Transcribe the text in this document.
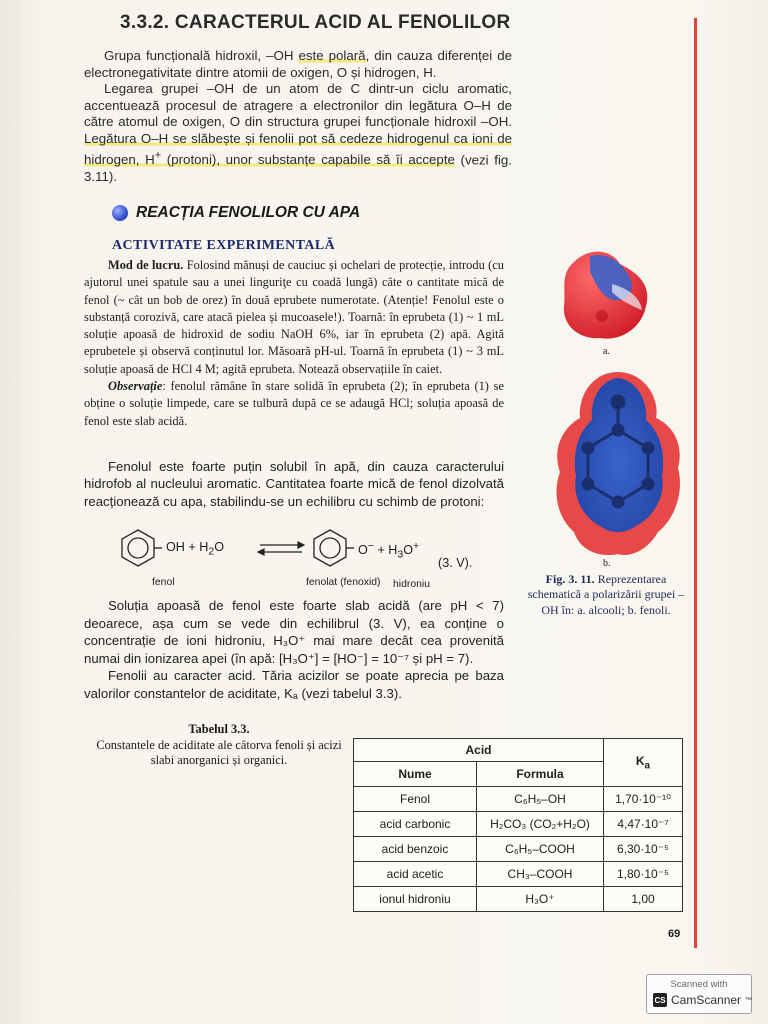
3.3.2. CARACTERUL ACID AL FENOLILOR

Grupa funcțională hidroxil, –OH este polară, din cauza diferenței de electronegativitate dintre atomii de oxigen, O și hidrogen, H.

Legarea grupei –OH de un atom de C dintr-un ciclu aromatic, accentuează procesul de atragere a electronilor din legătura O–H de către atomul de oxigen, O din structura grupei funcționale hidroxil –OH. Legătura O–H se slăbește și fenolii pot să cedeze hidrogenul ca ioni de hidrogen, H+ (protoni), unor substanțe capabile să îi accepte (vezi fig. 3.11).

REACȚIA FENOLILOR CU APA
ACTIVITATE EXPERIMENTALĂ

Mod de lucru. Folosind mănuși de cauciuc și ochelari de protecție, introdu (cu ajutorul unei spatule sau a unei linguriţe cu coadă lungă) câte o cantitate mică de fenol (~ cât un bob de orez) în două eprubete numerotate. (Atenție! Fenolul este o substanță corozivă, care atacă pielea și mucoasele!). Toarnă: în eprubeta (1) ~ 1 mL soluție apoasă de hidroxid de sodiu NaOH 6%, iar în eprubeta (2) apă. Agită eprubetele și observă conținutul lor. Măsoară pH-ul. Toarnă în eprubeta (1) ~ 3 mL soluție apoasă de HCl 4 M; agită eprubeta. Notează observațiile în caiet.

Observație: fenolul rămâne în stare solidă în eprubeta (2); în eprubeta (1) se obține o soluție limpede, care se tulbură după ce se adaugă HCl; soluția apoasă de fenol este slab acidă.

Fenolul este foarte puțin solubil în apă, din cauza caracterului hidrofob al nucleului aromatic. Cantitatea foarte mică de fenol dizolvată reacționează cu apa, stabilindu-se un echilibru cu schimb de protoni:

OH + $H_2O$	$O^- + H_3O^+$
(3. V).
fenol	fenolat (fenoxid) hidroniu

Soluția apoasă de fenol este foarte slab acidă (are pH < 7) deoarece, așa cum se vede din echilibrul (3. V), ea conține o concentrație de ioni hidroniu, H₃O⁺ mai mare decât cea provenită numai din ionizarea apei (în apă: [H₃O⁺] = [HO⁻] = 10⁻⁷ și pH = 7).

Fenolii au caracter acid. Tăria acizilor se poate aprecia pe baza valorilor constantelor de aciditate, Kₐ (vezi tabelul 3.3).

a.
b.
Fig. 3. 11. Reprezentarea schematică a polarizării grupei –OH în: a. alcooli; b. fenoli.
Tabelul 3.3.
Constantele de aciditate ale câtorva fenoli și acizi slabi anorganici și organici.
Acid		$K_a$
Nume	Formula	
Fenol	C₆H₅–OH	1,70·10⁻¹⁰
acid carbonic	H₂CO₃ (CO₂+H₂O)	4,47·10⁻⁷
acid benzoic	C₆H₅–COOH	6,30·10⁻⁵
acid acetic	CH₃–COOH	1,80·10⁻⁵
ionul hidroniu	H₃O⁺	1,00
69
Scanned with
CS CamScanner ™
